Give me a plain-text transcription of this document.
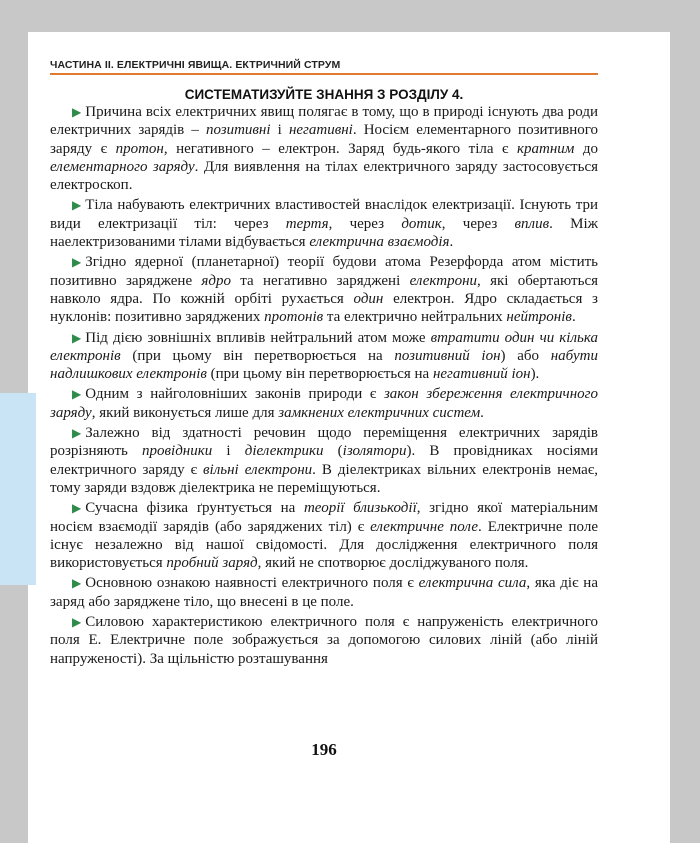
ЧАСТИНА ІІ. ЕЛЕКТРИЧНІ ЯВИЩА. ЕКТРИЧНИЙ СТРУМ
СИСТЕМАТИЗУЙТЕ ЗНАННЯ З РОЗДІЛУ 4.

▶ Причина всіх електричних явищ полягає в тому, що в природі існують два роди електричних зарядів – позитивні і негативні. Носієм елементарного позитивного заряду є протон, негативного – електрон. Заряд будь-якого тіла є кратним до елементарного заряду. Для виявлення на тілах електричного заряду застосовується електроскоп.

▶ Тіла набувають електричних властивостей внаслідок електризації. Існують три види електризації тіл: через тертя, через дотик, через вплив. Між наелектризованими тілами відбувається електрична взаємодія.

▶ Згідно ядерної (планетарної) теорії будови атома Резерфорда атом містить позитивно заряджене ядро та негативно заряджені електрони, які обертаються навколо ядра. По кожній орбіті рухається один електрон. Ядро складається з нуклонів: позитивно заряджених протонів та електрично нейтральних нейтронів.

▶ Під дією зовнішніх впливів нейтральний атом може втратити один чи кілька електронів (при цьому він перетворюється на позитивний іон) або набути надлишкових електронів (при цьому він перетворюється на негативний іон).

▶ Одним з найголовніших законів природи є закон збереження електричного заряду, який виконується лише для замкнених електричних систем.

▶ Залежно від здатності речовин щодо переміщення електричних зарядів розрізняють провідники і діелектрики (ізолятори). В провідниках носіями електричного заряду є вільні електрони. В діелектриках вільних електронів немає, тому заряди вздовж діелектрика не переміщуються.

▶ Сучасна фізика ґрунтується на теорії близькодії, згідно якої матеріальним носієм взаємодії зарядів (або заряджених тіл) є електричне поле. Електричне поле існує незалежно від нашої свідомості. Для дослідження електричного поля використовується пробний заряд, який не спотворює досліджуваного поля.

▶ Основною ознакою наявності електричного поля є електрична сила, яка діє на заряд або заряджене тіло, що внесені в це поле.

▶ Силовою характеристикою електричного поля є напруженість електричного поля Е. Електричне поле зображується за допомогою силових ліній (або ліній напруженості). За щільністю розташування

196
